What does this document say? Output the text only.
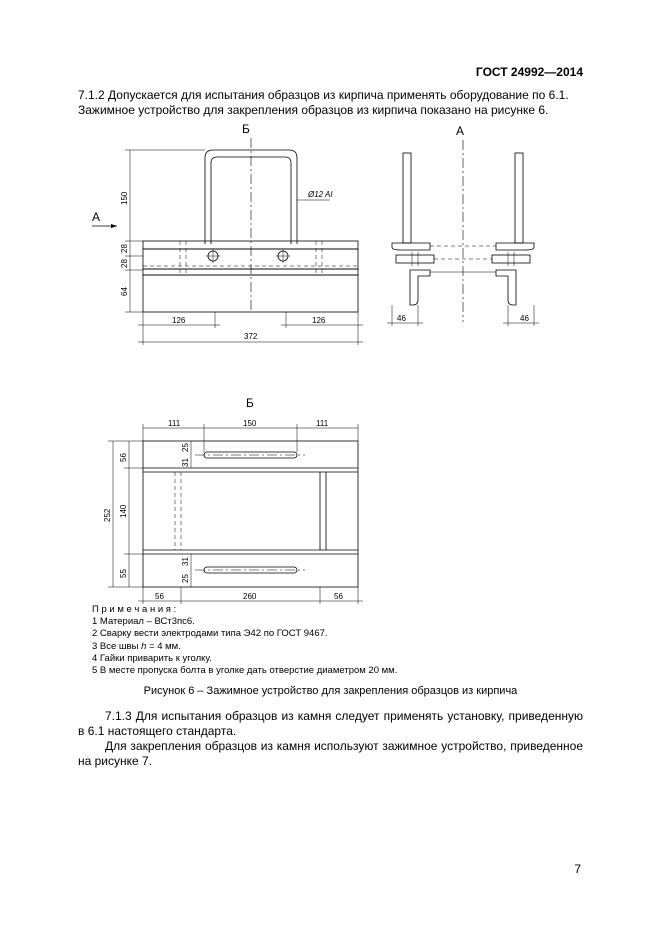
ГОСТ 24992—2014
7.1.2 Допускается для испытания образцов из кирпича применять оборудование по 6.1.
Зажимное устройство для закрепления образцов из кирпича показано на рисунке 6.
Б
Ø12 AI
А
150
28
28
64
126	126
372
А
46	46
Б
111	150	111
252
56
140
55
31
25
31
25
56	260	56
П р и м е ч а н и я :
1 Материал – ВСт3пс6.
2 Сварку вести электродами типа Э42 по ГОСТ 9467.
3 Все швы h = 4 мм.
4 Гайки приварить к уголку.
5 В месте пропуска болта в уголке дать отверстие диаметром 20 мм.
Рисунок 6 – Зажимное устройство для закрепления образцов из кирпича
7.1.3 Для испытания образцов из камня следует применять установку, приведенную в 6.1 настоящего стандарта.
Для закрепления образцов из камня используют зажимное устройство, приведенное на рисунке 7.
7
